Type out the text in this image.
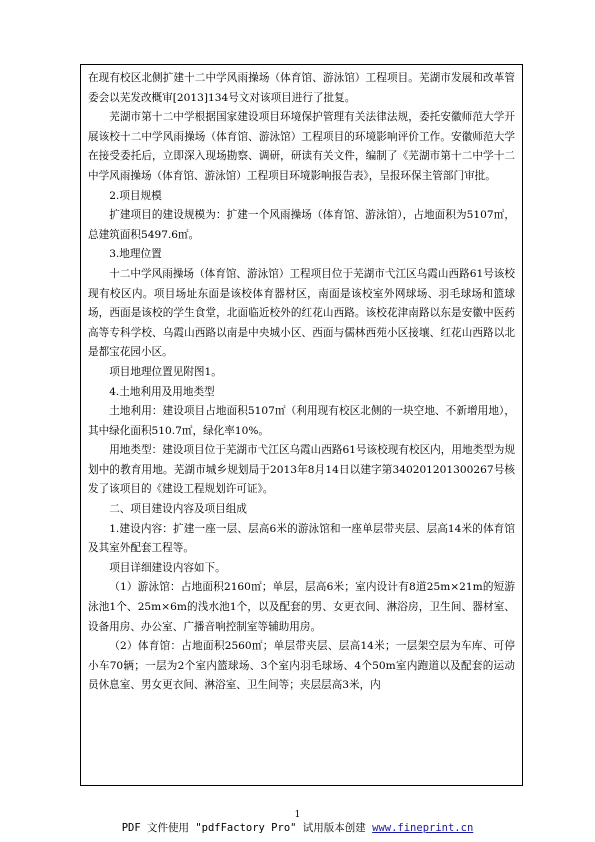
在现有校区北侧扩建十二中学风雨操场（体育馆、游泳馆）工程项目。芜湖市发展和改革管委会以芜发改概审[2013]134号文对该项目进行了批复。

芜湖市第十二中学根据国家建设项目环境保护管理有关法律法规，委托安徽师范大学开展该校十二中学风雨操场（体育馆、游泳馆）工程项目的环境影响评价工作。安徽师范大学在接受委托后，立即深入现场勘察、调研，研读有关文件，编制了《芜湖市第十二中学十二中学风雨操场（体育馆、游泳馆）工程项目环境影响报告表》，呈报环保主管部门审批。

2.项目规模

扩建项目的建设规模为：扩建一个风雨操场（体育馆、游泳馆），占地面积为5107㎡，总建筑面积5497.6㎡。

3.地理位置

十二中学风雨操场（体育馆、游泳馆）工程项目位于芜湖市弋江区乌霞山西路61号该校现有校区内。项目场址东面是该校体育器材区，南面是该校室外网球场、羽毛球场和篮球场，西面是该校的学生食堂，北面临近校外的红花山西路。该校花津南路以东是安徽中医药高等专科学校、乌霞山西路以南是中央城小区、西面与儒林西苑小区接壤、红花山西路以北是都宝花园小区。

项目地理位置见附图1。

4.土地利用及用地类型

土地利用：建设项目占地面积5107㎡（利用现有校区北侧的一块空地、不新增用地），其中绿化面积510.7㎡，绿化率10%。

用地类型：建设项目位于芜湖市弋江区乌霞山西路61号该校现有校区内，用地类型为规划中的教育用地。芜湖市城乡规划局于2013年8月14日以建字第340201201300267号核发了该项目的《建设工程规划许可证》。

二、项目建设内容及项目组成

1.建设内容：扩建一座一层、层高6米的游泳馆和一座单层带夹层、层高14米的体育馆及其室外配套工程等。

项目详细建设内容如下。

（1）游泳馆：占地面积2160㎡；单层，层高6米；室内设计有8道25m×21m的短游泳池1个、25m×6m的浅水池1个，以及配套的男、女更衣间、淋浴房，卫生间、器材室、设备用房、办公室、广播音响控制室等辅助用房。

（2）体育馆：占地面积2560㎡；单层带夹层、层高14米；一层架空层为车库、可停小车70辆；一层为2个室内篮球场、3个室内羽毛球场、4个50m室内跑道以及配套的运动员休息室、男女更衣间、淋浴室、卫生间等；夹层层高3米，内

1
PDF 文件使用 "pdfFactory Pro" 试用版本创建 www.fineprint.cn
